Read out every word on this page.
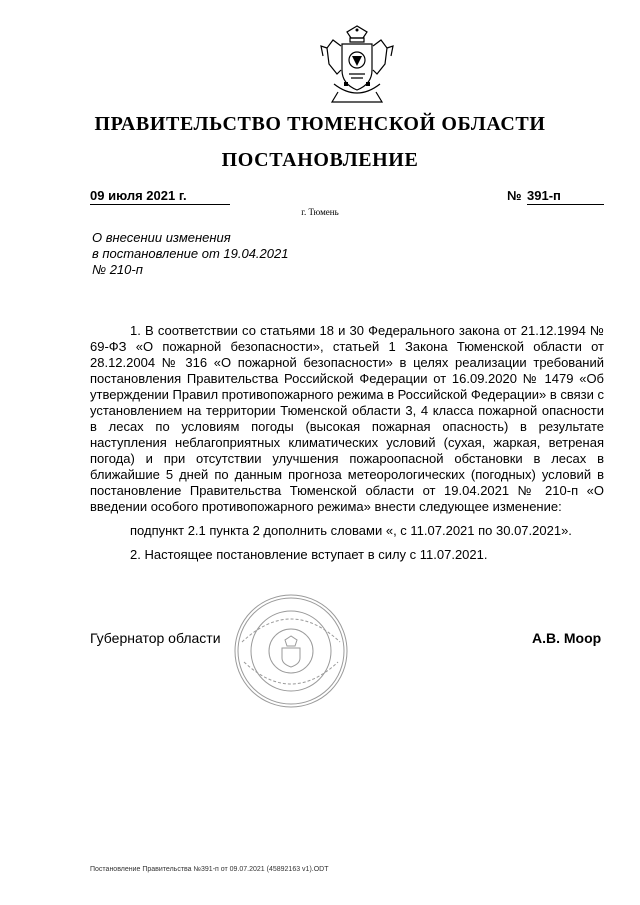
ПРАВИТЕЛЬСТВО ТЮМЕНСКОЙ ОБЛАСТИ
ПОСТАНОВЛЕНИЕ
09 июля 2021 г.	№ 391-п
г. Тюмень
О внесении изменения
в постановление от 19.04.2021
№ 210-п

1. В соответствии со статьями 18 и 30 Федерального закона от 21.12.1994 № 69-ФЗ «О пожарной безопасности», статьей 1 Закона Тюменской области от 28.12.2004 № 316 «О пожарной безопасности» в целях реализации требований постановления Правительства Российской Федерации от 16.09.2020 № 1479 «Об утверждении Правил противопожарного режима в Российской Федерации» в связи с установлением на территории Тюменской области 3, 4 класса пожарной опасности в лесах по условиям погоды (высокая пожарная опасность) в результате наступления неблагоприятных климатических условий (сухая, жаркая, ветреная погода) и при отсутствии улучшения пожароопасной обстановки в лесах в ближайшие 5 дней по данным прогноза метеорологических (погодных) условий в постановление Правительства Тюменской области от 19.04.2021 № 210-п «О введении особого противопожарного режима» внести следующее изменение:

подпункт 2.1 пункта 2 дополнить словами «, с 11.07.2021 по 30.07.2021».

2. Настоящее постановление вступает в силу с 11.07.2021.

Губернатор области	А.В. Моор
Постановление Правительства №391-п от 09.07.2021 (45892163 v1).ODT
